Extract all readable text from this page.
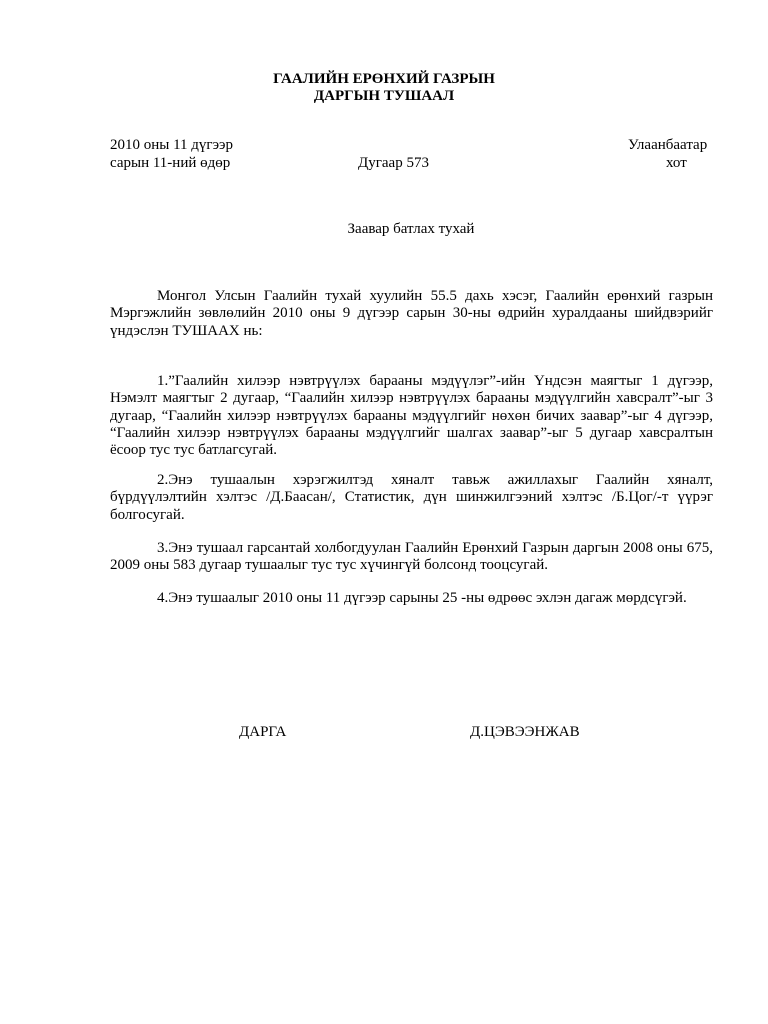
ГААЛИЙН ЕРӨНХИЙ ГАЗРЫН
ДАРГЫН ТУШААЛ
2010 оны 11 дүгээр
сарын 11-ний өдөр	Дугаар 573
Улаанбаатар
хот
Заавар батлах тухай
Монгол Улсын Гаалийн тухай хуулийн 55.5 дахь хэсэг, Гаалийн ерөнхий газрын Мэргэжлийн зөвлөлийн 2010 оны 9 дүгээр сарын 30-ны өдрийн хуралдааны шийдвэрийг үндэслэн ТУШААХ нь:
1.”Гаалийн хилээр нэвтрүүлэх барааны мэдүүлэг”-ийн Үндсэн маягтыг 1 дүгээр, Нэмэлт маягтыг 2 дугаар, “Гаалийн хилээр нэвтрүүлэх барааны мэдүүлгийн хавсралт”-ыг 3 дугаар, “Гаалийн хилээр нэвтрүүлэх барааны мэдүүлгийг нөхөн бичих заавар”-ыг 4 дүгээр, “Гаалийн хилээр нэвтрүүлэх барааны мэдүүлгийг шалгах заавар”-ыг 5 дугаар хавсралтын ёсоор тус тус батлагсугай.
2.Энэ тушаалын хэрэгжилтэд хяналт тавьж ажиллахыг Гаалийн хяналт, бүрдүүлэлтийн хэлтэс /Д.Баасан/, Статистик, дүн шинжилгээний хэлтэс /Б.Цог/-т үүрэг болгосугай.
3.Энэ тушаал гарсантай холбогдуулан Гаалийн Ерөнхий Газрын даргын 2008 оны 675, 2009 оны 583 дугаар тушаалыг тус тус хүчингүй болсонд тооцсугай.
4.Энэ тушаалыг 2010 оны 11 дүгээр сарыны 25 -ны өдрөөс эхлэн дагаж мөрдсүгэй.
ДАРГА	Д.ЦЭВЭЭНЖАВ
